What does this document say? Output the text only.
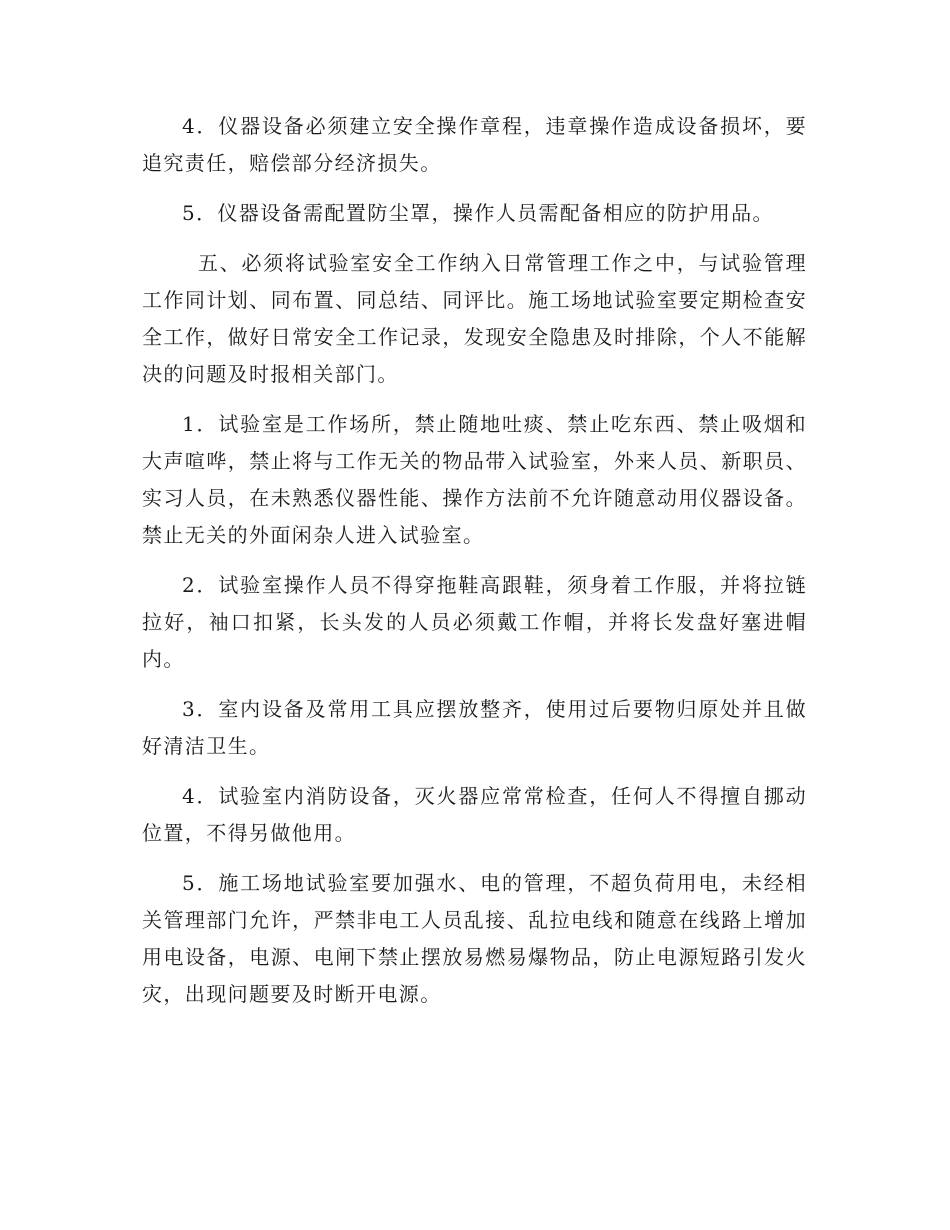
4．仪器设备必须建立安全操作章程，违章操作造成设备损坏，要追究责任，赔偿部分经济损失。

5．仪器设备需配置防尘罩，操作人员需配备相应的防护用品。

五、必须将试验室安全工作纳入日常管理工作之中，与试验管理工作同计划、同布置、同总结、同评比。施工场地试验室要定期检查安全工作，做好日常安全工作记录，发现安全隐患及时排除，个人不能解决的问题及时报相关部门。

1．试验室是工作场所，禁止随地吐痰、禁止吃东西、禁止吸烟和大声喧哗，禁止将与工作无关的物品带入试验室，外来人员、新职员、实习人员，在未熟悉仪器性能、操作方法前不允许随意动用仪器设备。禁止无关的外面闲杂人进入试验室。

2．试验室操作人员不得穿拖鞋高跟鞋，须身着工作服，并将拉链拉好，袖口扣紧，长头发的人员必须戴工作帽，并将长发盘好塞进帽内。

3．室内设备及常用工具应摆放整齐，使用过后要物归原处并且做好清洁卫生。

4．试验室内消防设备，灭火器应常常检查，任何人不得擅自挪动位置，不得另做他用。

5．施工场地试验室要加强水、电的管理，不超负荷用电，未经相关管理部门允许，严禁非电工人员乱接、乱拉电线和随意在线路上增加用电设备，电源、电闸下禁止摆放易燃易爆物品，防止电源短路引发火灾，出现问题要及时断开电源。
